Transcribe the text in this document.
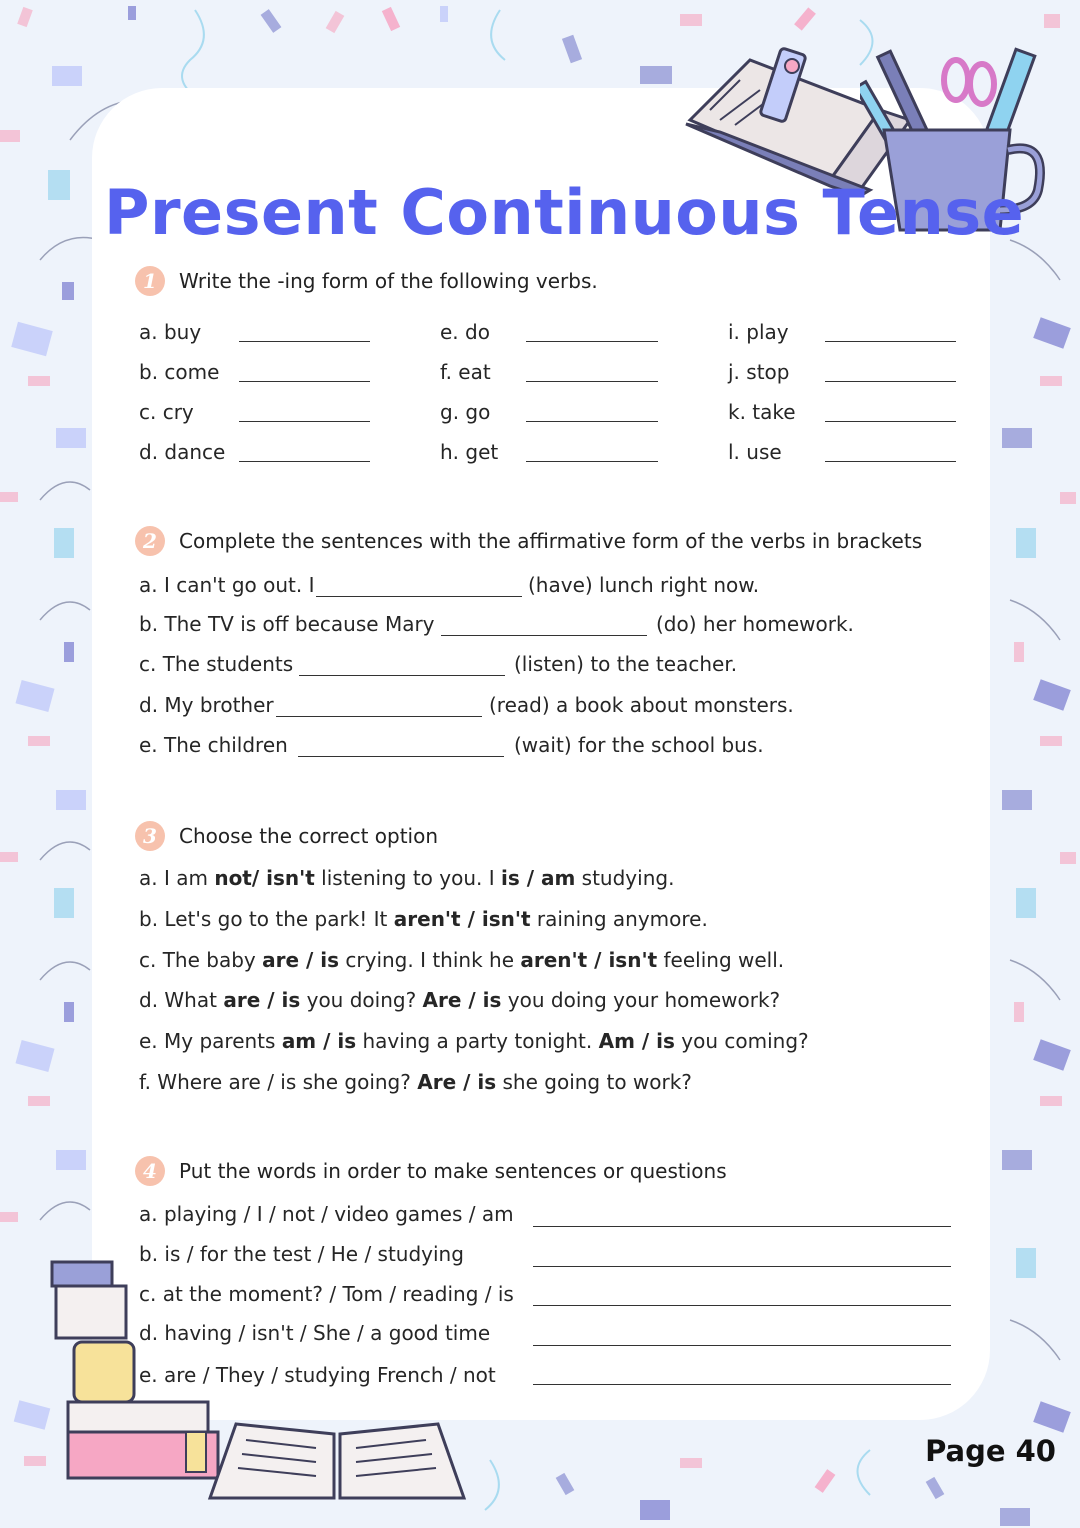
Present Continuous Tense
1	Write the -ing form of the following verbs.
a. buy
b. come
c. cry
d. dance
e. do
f. eat
g. go
h. get
i. play
j. stop
k. take
l. use
2	Complete the sentences with the affirmative form of the verbs in brackets
a. I can't go out. I	(have) lunch right now.
b. The TV is off because Mary	(do) her homework.
c. The students	(listen) to the teacher.
d. My brother	(read) a book about monsters.
e. The children	(wait) for the school bus.
3	Choose the correct option
a. I am not/ isn't listening to you. I is / am studying.
b. Let's go to the park! It aren't / isn't raining anymore.
c. The baby are / is crying. I think he aren't / isn't feeling well.
d. What are / is you doing? Are / is you doing your homework?
e. My parents am / is having a party tonight. Am / is you coming?
f. Where are / is she going? Are / is she going to work?
4	Put the words in order to make sentences or questions
a. playing / I / not / video games / am
b. is / for the test / He / studying
c. at the moment? / Tom / reading / is
d. having / isn't / She / a good time
e. are / They / studying French / not
Page 40
